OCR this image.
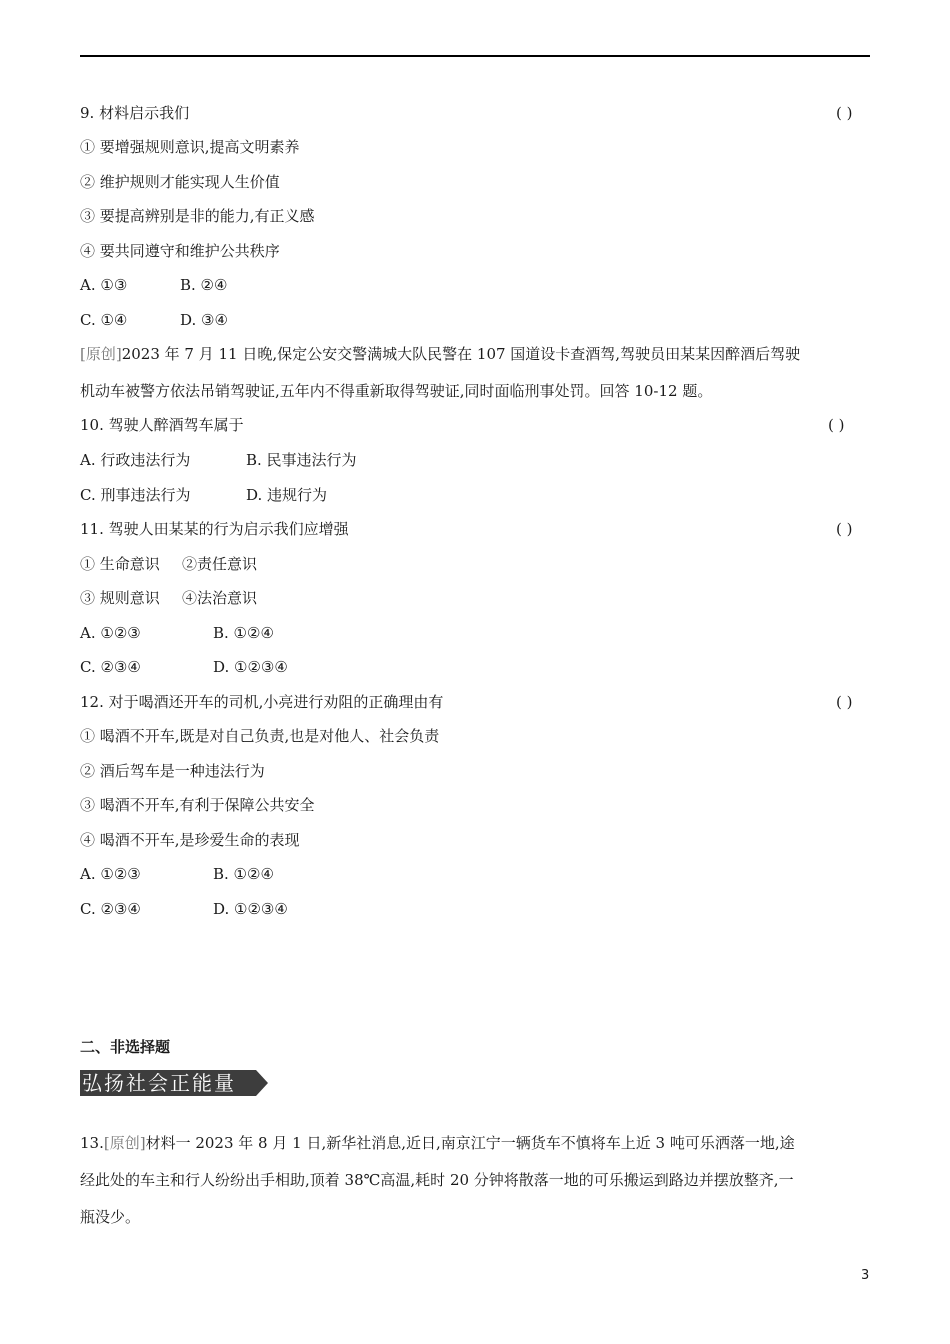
9. 材料启示我们	( )
① 要增强规则意识,提高文明素养
② 维护规则才能实现人生价值
③ 要提高辨别是非的能力,有正义感
④ 要共同遵守和维护公共秩序
A. ①③	B. ②④
C. ①④	D. ③④
[原创]2023 年 7 月 11 日晚,保定公安交警满城大队民警在 107 国道设卡查酒驾,驾驶员田某某因醉酒后驾驶
机动车被警方依法吊销驾驶证,五年内不得重新取得驾驶证,同时面临刑事处罚。回答 10-12 题。
10. 驾驶人醉酒驾车属于	( )
A. 行政违法行为	B. 民事违法行为
C. 刑事违法行为	D. 违规行为
11. 驾驶人田某某的行为启示我们应增强	( )
① 生命意识 ②责任意识
③ 规则意识 ④法治意识
A. ①②③	B. ①②④
C. ②③④	D. ①②③④
12. 对于喝酒还开车的司机,小亮进行劝阻的正确理由有	( )
① 喝酒不开车,既是对自己负责,也是对他人、社会负责
② 酒后驾车是一种违法行为
③ 喝酒不开车,有利于保障公共安全
④ 喝酒不开车,是珍爱生命的表现
A. ①②③	B. ①②④
C. ②③④	D. ①②③④
二、非选择题
弘扬社会正能量
13.[原创]材料一 2023 年 8 月 1 日,新华社消息,近日,南京江宁一辆货车不慎将车上近 3 吨可乐洒落一地,途
经此处的车主和行人纷纷出手相助,顶着 38℃高温,耗时 20 分钟将散落一地的可乐搬运到路边并摆放整齐,一
瓶没少。
3
